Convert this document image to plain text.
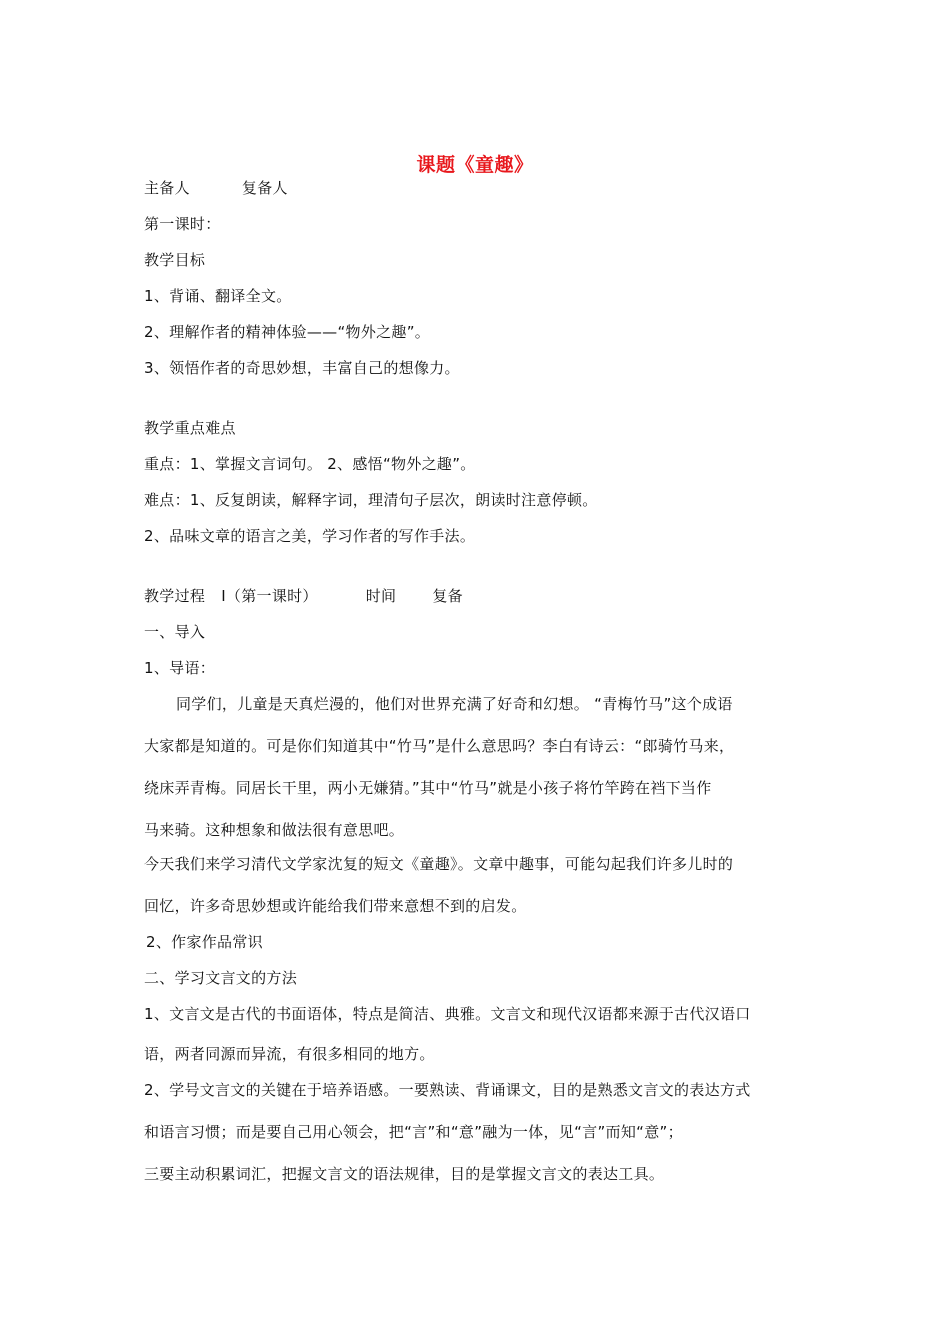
课题《童趣》
主备人	复备人
第一课时：
教学目标
1、背诵、翻译全文。
2、理解作者的精神体验——“物外之趣”。
3、领悟作者的奇思妙想，丰富自己的想像力。
教学重点难点
重点：1、掌握文言词句。 2、感悟“物外之趣”。
难点：1、反复朗读，解释字词，理清句子层次，朗读时注意停顿。
2、品味文章的语言之美，学习作者的写作手法。
教学过程 I（第一课时）	时间 复备
一、导入
1、导语：
同学们，儿童是天真烂漫的，他们对世界充满了好奇和幻想。 “青梅竹马”这个成语
大家都是知道的。可是你们知道其中“竹马”是什么意思吗？李白有诗云：“郎骑竹马来，
绕床弄青梅。同居长干里，两小无嫌猜。”其中“竹马”就是小孩子将竹竿跨在裆下当作
马来骑。这种想象和做法很有意思吧。
今天我们来学习清代文学家沈复的短文《童趣》。文章中趣事，可能勾起我们许多儿时的
回忆，许多奇思妙想或许能给我们带来意想不到的启发。
2、作家作品常识
二、学习文言文的方法
1、文言文是古代的书面语体，特点是简洁、典雅。文言文和现代汉语都来源于古代汉语口
语，两者同源而异流，有很多相同的地方。
2、学号文言文的关键在于培养语感。一要熟读、背诵课文，目的是熟悉文言文的表达方式
和语言习惯；而是要自己用心领会，把“言”和“意”融为一体，见“言”而知“意”；
三要主动积累词汇，把握文言文的语法规律，目的是掌握文言文的表达工具。
